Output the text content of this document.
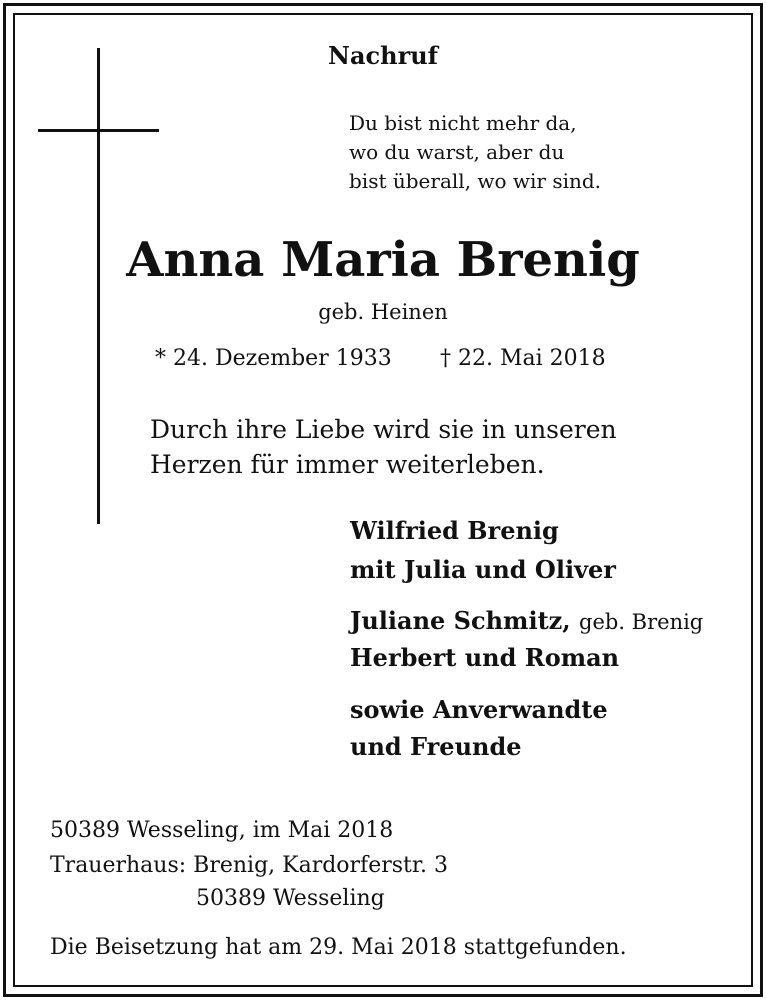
Nachruf
Du bist nicht mehr da,
wo du warst, aber du
bist überall, wo wir sind.
Anna Maria Brenig
geb. Heinen
* 24. Dezember 1933 † 22. Mai 2018
Durch ihre Liebe wird sie in unseren
Herzen für immer weiterleben.
Wilfried Brenig
mit Julia und Oliver
Juliane Schmitz, geb. Brenig
Herbert und Roman
sowie Anverwandte
und Freunde
50389 Wesseling, im Mai 2018
Trauerhaus: Brenig, Kardorferstr. 3
50389 Wesseling
Die Beisetzung hat am 29. Mai 2018 stattgefunden.
